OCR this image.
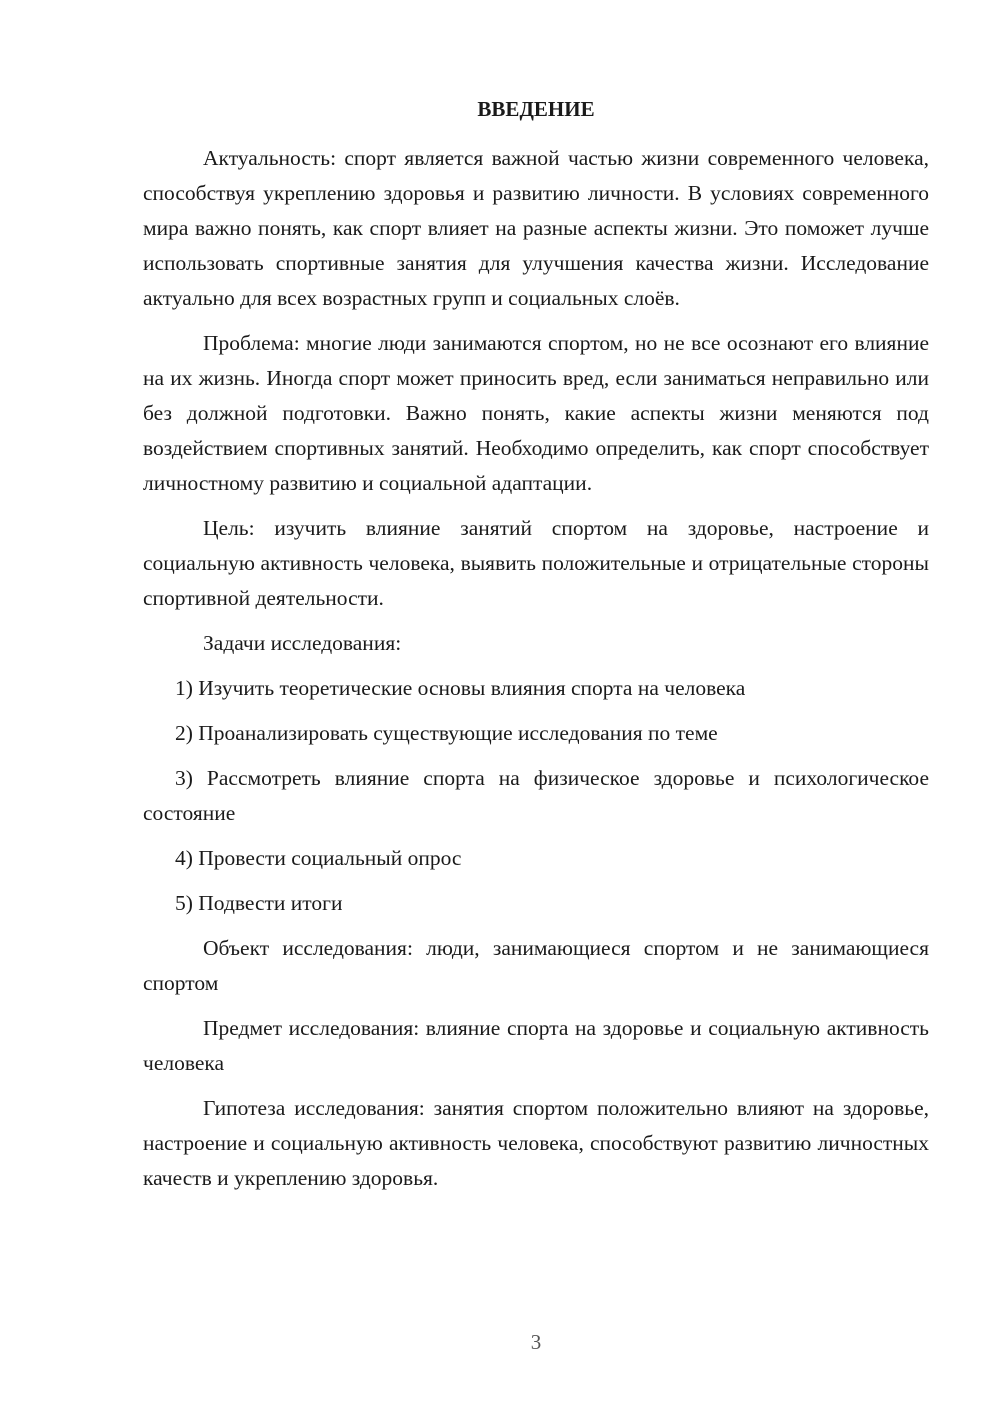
ВВЕДЕНИЕ

Актуальность: спорт является важной частью жизни современного человека, способствуя укреплению здоровья и развитию личности. В условиях современного мира важно понять, как спорт влияет на разные аспекты жизни. Это поможет лучше использовать спортивные занятия для улучшения качества жизни. Исследование актуально для всех возрастных групп и социальных слоёв.

Проблема: многие люди занимаются спортом, но не все осознают его влияние на их жизнь. Иногда спорт может приносить вред, если заниматься неправильно или без должной подготовки. Важно понять, какие аспекты жизни меняются под воздействием спортивных занятий. Необходимо определить, как спорт способствует личностному развитию и социальной адаптации.

Цель: изучить влияние занятий спортом на здоровье, настроение и социальную активность человека, выявить положительные и отрицательные стороны спортивной деятельности.

Задачи исследования:

1) Изучить теоретические основы влияния спорта на человека

2) Проанализировать существующие исследования по теме

3) Рассмотреть влияние спорта на физическое здоровье и психологическое состояние

4) Провести социальный опрос

5) Подвести итоги

Объект исследования: люди, занимающиеся спортом и не занимающиеся спортом

Предмет исследования: влияние спорта на здоровье и социальную активность человека

Гипотеза исследования: занятия спортом положительно влияют на здоровье, настроение и социальную активность человека, способствуют развитию личностных качеств и укреплению здоровья.

3
